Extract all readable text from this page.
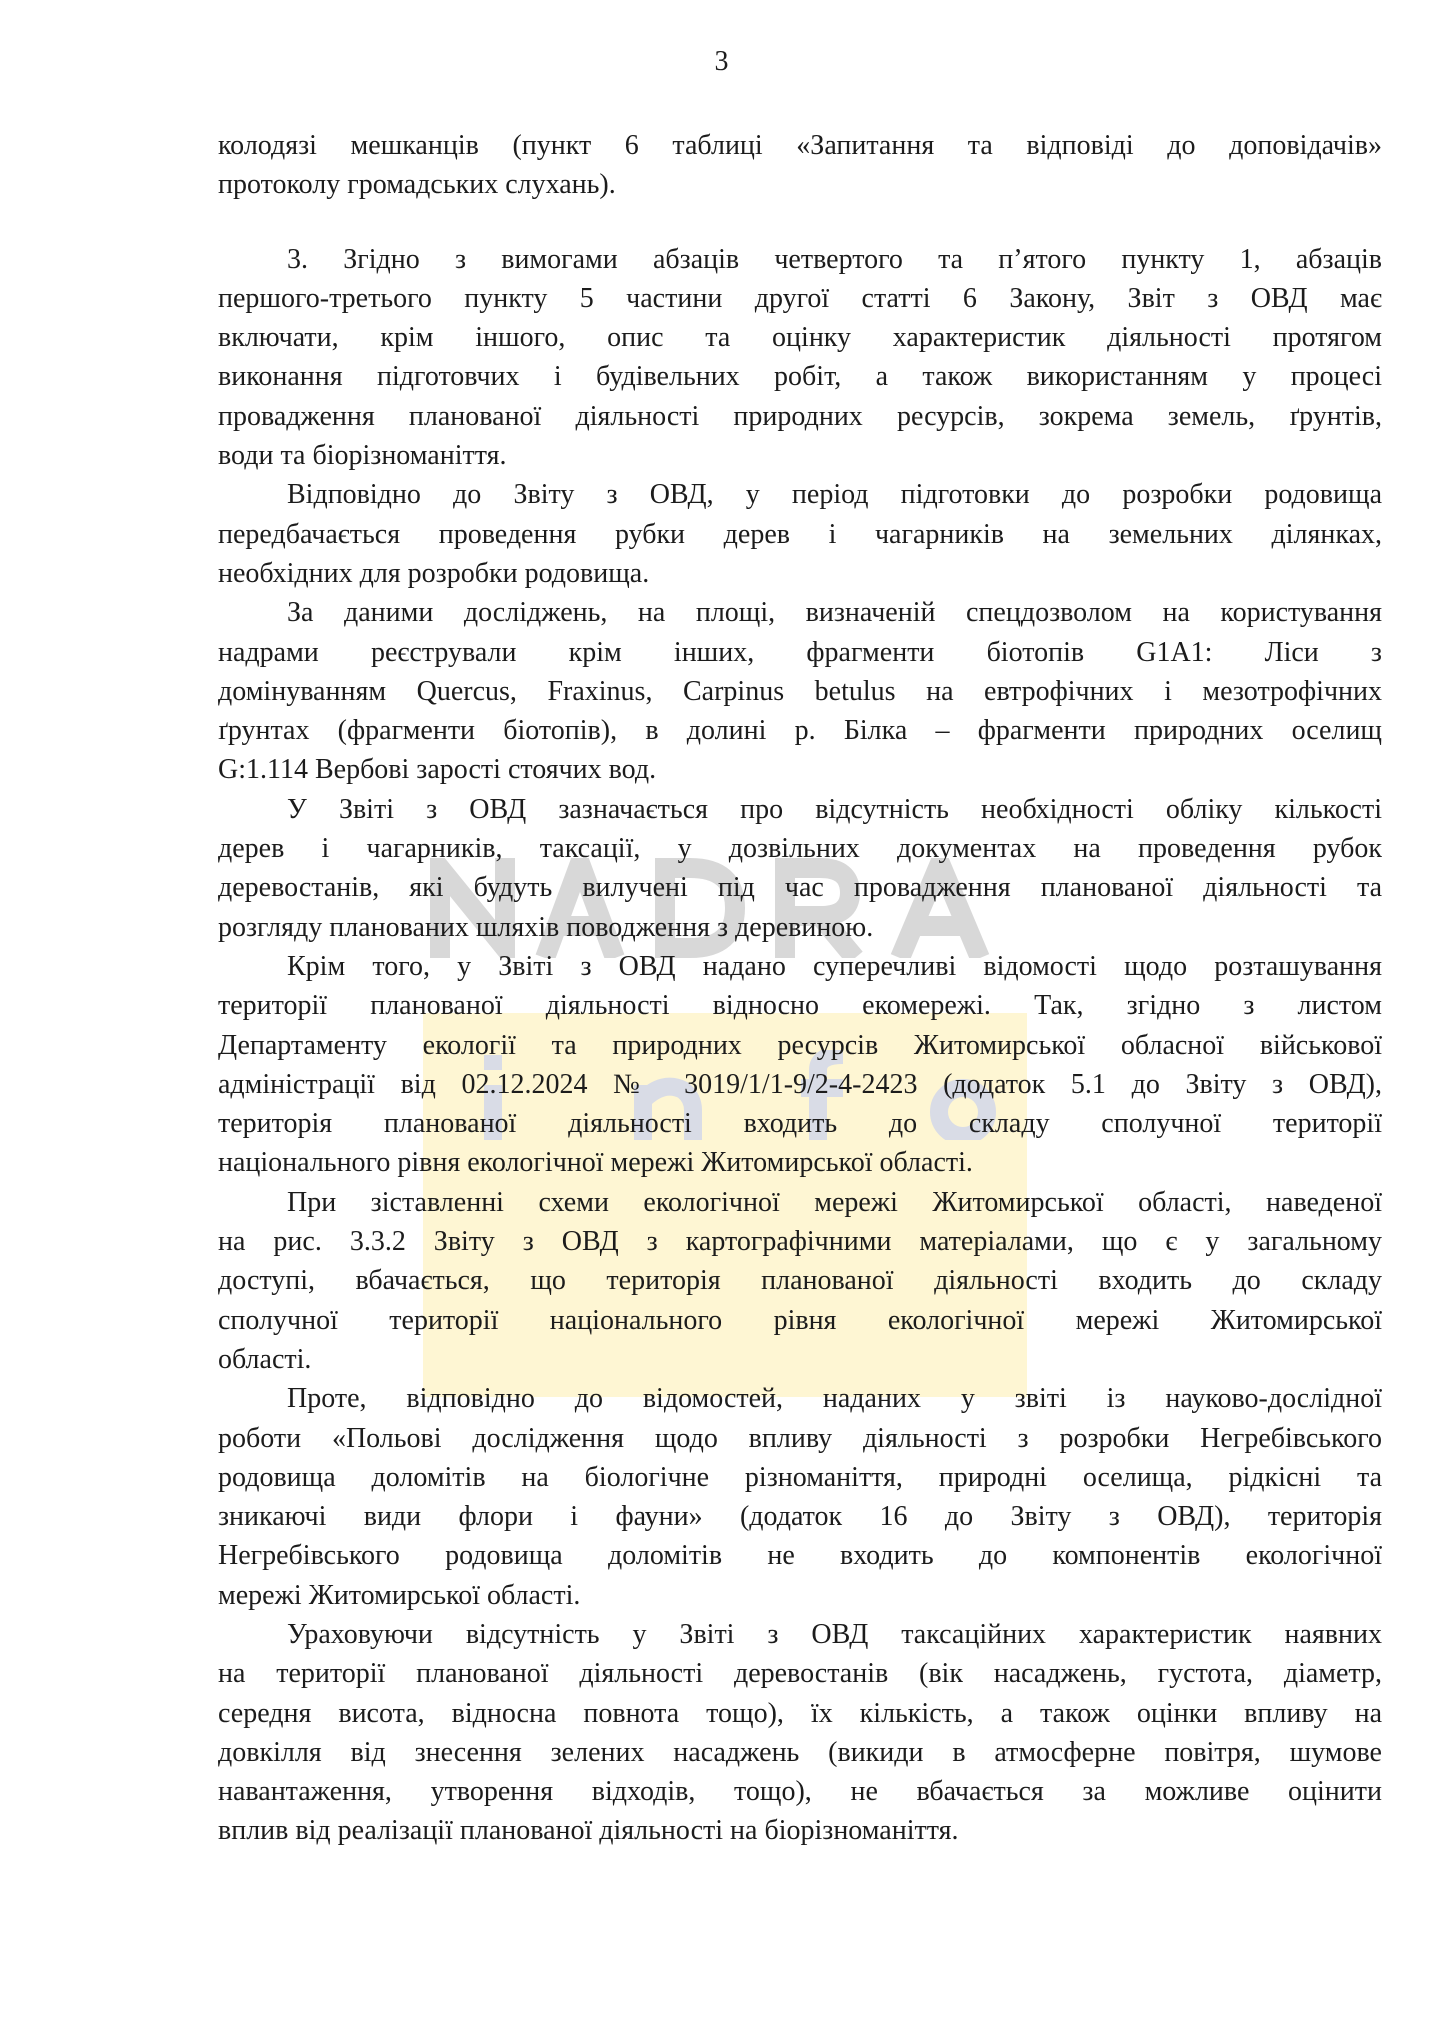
3
колодязі мешканців (пункт 6 таблиці «Запитання та відповіді до доповідачів»
протоколу громадських слухань).
3. Згідно з вимогами абзаців четвертого та п’ятого пункту 1, абзаців
першого-третього пункту 5 частини другої статті 6 Закону, Звіт з ОВД має
включати, крім іншого, опис та оцінку характеристик діяльності протягом
виконання підготовчих і будівельних робіт, а також використанням у процесі
провадження планованої діяльності природних ресурсів, зокрема земель, ґрунтів,
води та біорізноманіття.
Відповідно до Звіту з ОВД, у період підготовки до розробки родовища
передбачається проведення рубки дерев і чагарників на земельних ділянках,
необхідних для розробки родовища.
За даними досліджень, на площі, визначеній спецдозволом на користування
надрами реєстрували крім інших, фрагменти біотопів G1A1: Ліси з
домінуванням Quercus, Fraxinus, Carpinus betulus на евтрофічних і мезотрофічних
ґрунтах (фрагменти біотопів), в долині р. Білка – фрагменти природних оселищ
G:1.114 Вербові зарості стоячих вод.
У Звіті з ОВД зазначається про відсутність необхідності обліку кількості
дерев і чагарників, таксації, у дозвільних документах на проведення рубок
деревостанів, які будуть вилучені під час провадження планованої діяльності та
розгляду планованих шляхів поводження з деревиною.
Крім того, у Звіті з ОВД надано суперечливі відомості щодо розташування
території планованої діяльності відносно екомережі. Так, згідно з листом
Департаменту екології та природних ресурсів Житомирської обласної військової
адміністрації від 02.12.2024 № 3019/1/1-9/2-4-2423 (додаток 5.1 до Звіту з ОВД),
територія планованої діяльності входить до складу сполучної території
національного рівня екологічної мережі Житомирської області.
При зіставленні схеми екологічної мережі Житомирської області, наведеної
на рис. 3.3.2 Звіту з ОВД з картографічними матеріалами, що є у загальному
доступі, вбачається, що територія планованої діяльності входить до складу
сполучної території національного рівня екологічної мережі Житомирської
області.
Проте, відповідно до відомостей, наданих у звіті із науково-дослідної
роботи «Польові дослідження щодо впливу діяльності з розробки Негребівського
родовища доломітів на біологічне різноманіття, природні оселища, рідкісні та
зникаючі види флори і фауни» (додаток 16 до Звіту з ОВД), територія
Негребівського родовища доломітів не входить до компонентів екологічної
мережі Житомирської області.
Ураховуючи відсутність у Звіті з ОВД таксаційних характеристик наявних
на території планованої діяльності деревостанів (вік насаджень, густота, діаметр,
середня висота, відносна повнота тощо), їх кількість, а також оцінки впливу на
довкілля від знесення зелених насаджень (викиди в атмосферне повітря, шумове
навантаження, утворення відходів, тощо), не вбачається за можливе оцінити
вплив від реалізації планованої діяльності на біорізноманіття.
